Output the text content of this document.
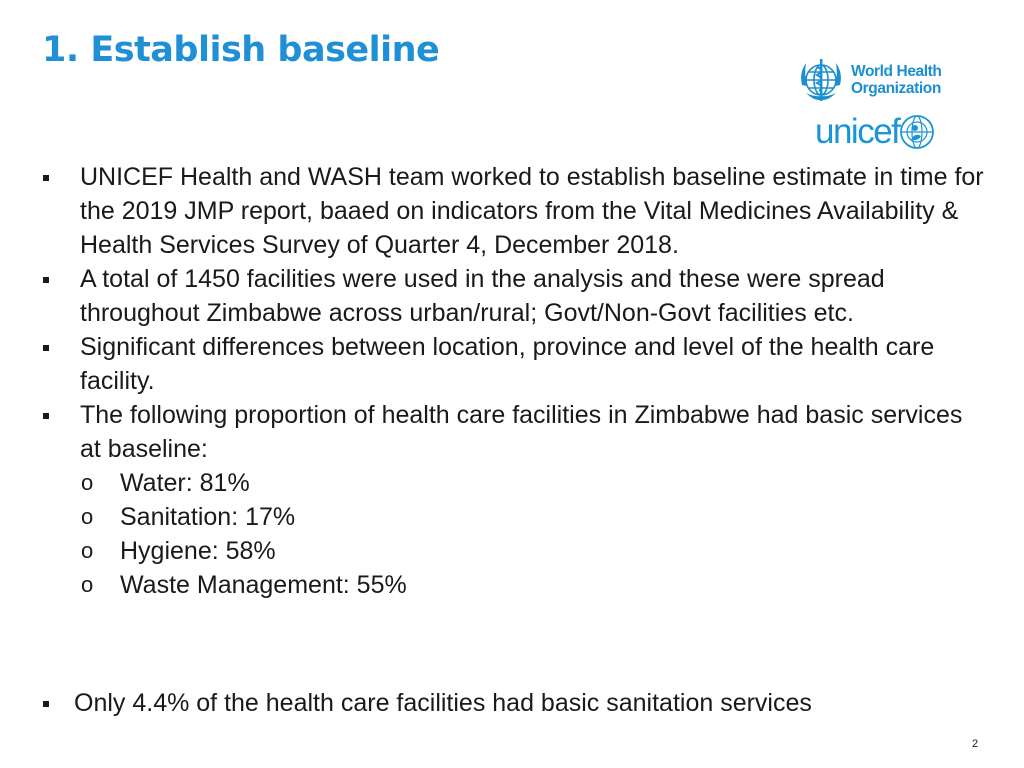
1. Establish baseline
World Health
Organization
unicef
UNICEF Health and WASH team worked to establish baseline estimate in time for the 2019 JMP report, baaed on indicators from the Vital Medicines Availability & Health Services Survey of Quarter 4, December 2018.
A total of 1450 facilities were used in the analysis and these were spread throughout Zimbabwe across urban/rural; Govt/Non-Govt facilities etc.
Significant differences between location, province and level of the health care facility.
The following proportion of health care facilities in Zimbabwe had basic services at baseline:
o Water: 81%
o Sanitation: 17%
o Hygiene: 58%
o Waste Management: 55%
Only 4.4% of the health care facilities had basic sanitation services
2
